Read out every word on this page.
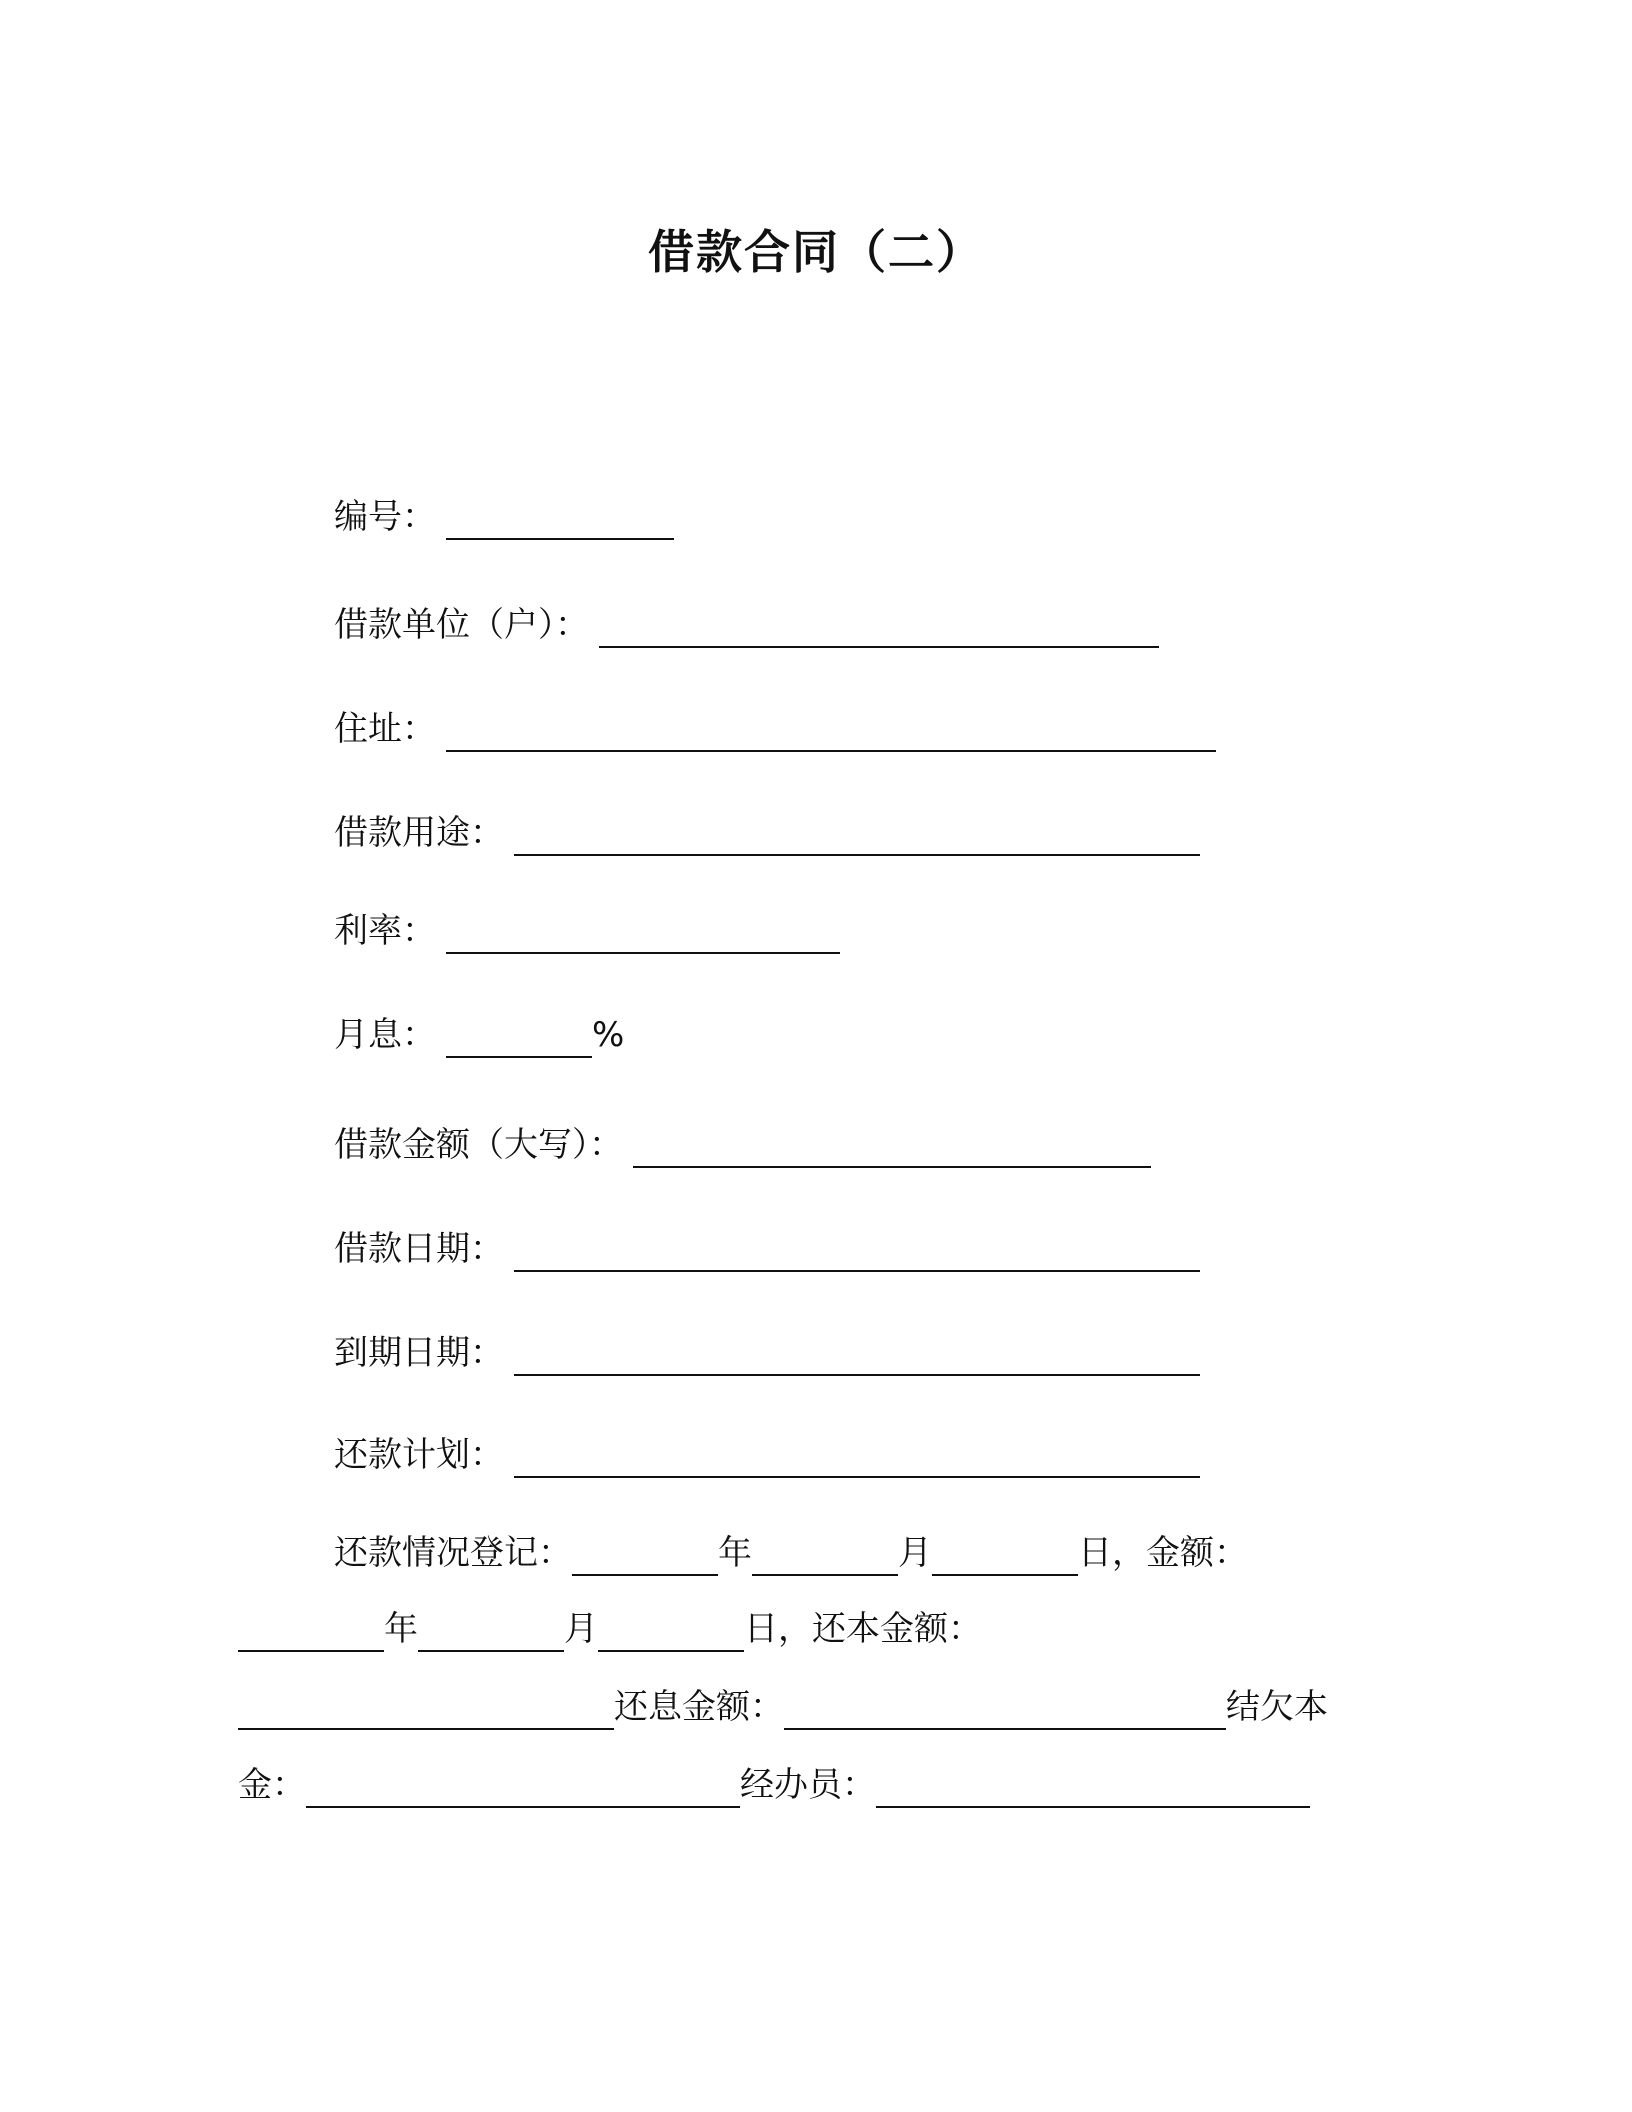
借款合同（二）
编号：
借款单位（户）：
住址：
借款用途：
利率：
月息：	%
借款金额（大写）：
借款日期：
到期日期：
还款计划：
还款情况登记：	年	月	日，金额：
年	月	日，还本金额：
还息金额：	结欠本
金：	经办员：
